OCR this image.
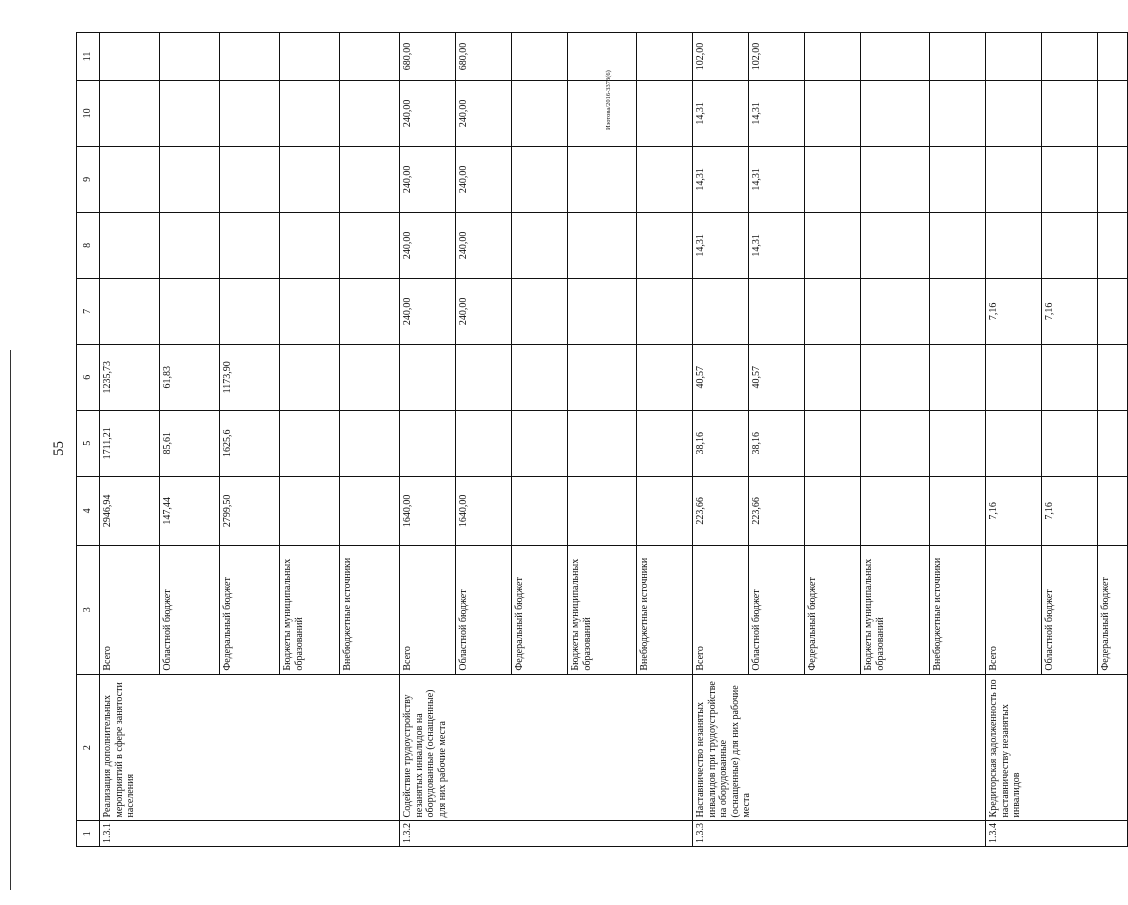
55
Изотова/2016-3373(6)
1	2	3	4	5	6	7	8	9	10	11
1.3.1	Реализация дополнительных мероприятий в сфере занятости населения	Всего	2946,94	1711,21	1235,73					
		Областной бюджет	147,44	85,61	61,83					
		Федеральный бюджет	2799,50	1625,6	1173,90					
		Бюджеты муниципальных образований								
		Внебюджетные источники								
1.3.2	Содействие трудоустройству незанятых инвалидов на оборудованные (оснащенные) для них рабочие места	Всего	1640,00			240,00	240,00	240,00	240,00	680,00
		Областной бюджет	1640,00			240,00	240,00	240,00	240,00	680,00
		Федеральный бюджет								
		Бюджеты муниципальных образований								
		Внебюджетные источники								
1.3.3	Наставничество незанятых инвалидов при трудоустройстве на оборудованные (оснащенные) для них рабочие места	Всего	223,66	38,16	40,57		14,31	14,31	14,31	102,00
		Областной бюджет	223,66	38,16	40,57		14,31	14,31	14,31	102,00
		Федеральный бюджет								
		Бюджеты муниципальных образований								
		Внебюджетные источники								
1.3.4	Кредиторская задолженность по наставничеству незанятых инвалидов	Всего	7,16			7,16				
		Областной бюджет	7,16			7,16				
		Федеральный бюджет								
